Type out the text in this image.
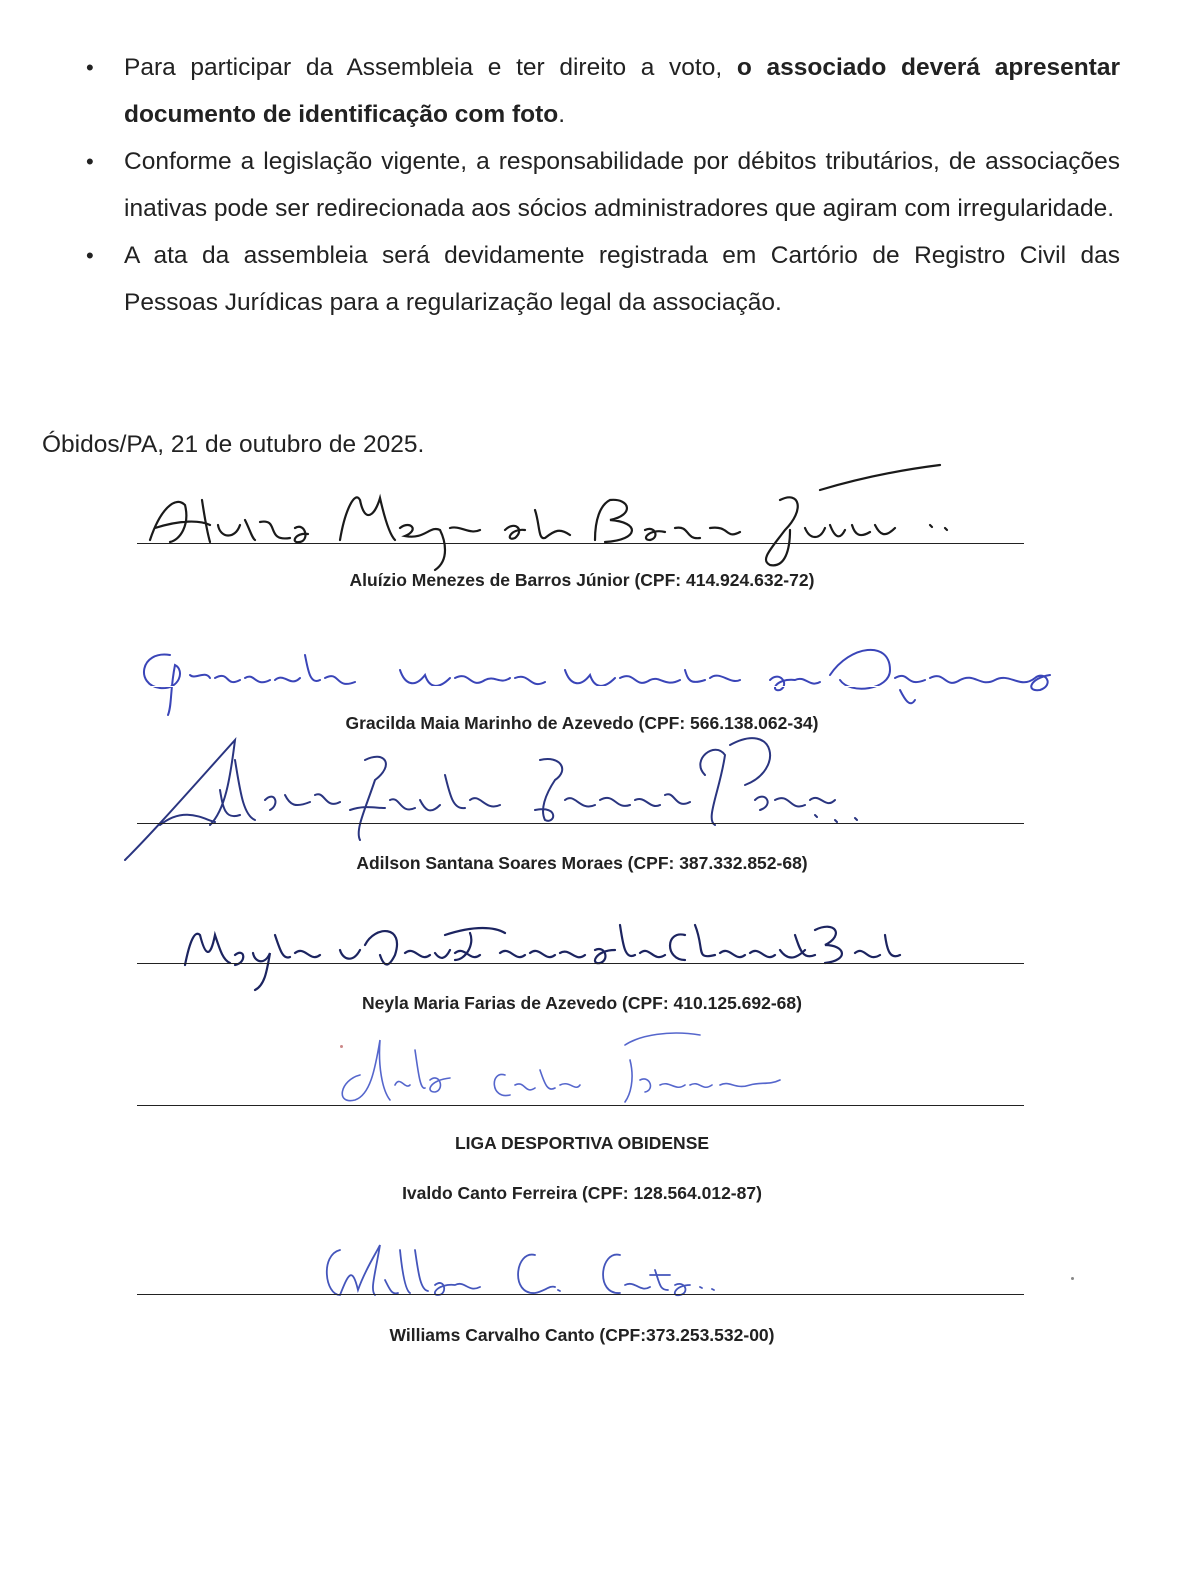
• Para participar da Assembleia e ter direito a voto, o associado deverá apresentar documento de identificação com foto.
• Conforme a legislação vigente, a responsabilidade por débitos tributários, de associações inativas pode ser redirecionada aos sócios administradores que agiram com irregularidade.
• A ata da assembleia será devidamente registrada em Cartório de Registro Civil das Pessoas Jurídicas para a regularização legal da associação.
Óbidos/PA, 21 de outubro de 2025.
Aluízio Menezes de Barros Júnior (CPF: 414.924.632-72)
Gracilda Maia Marinho de Azevedo (CPF: 566.138.062-34)
Adilson Santana Soares Moraes (CPF: 387.332.852-68)
Neyla Maria Farias de Azevedo (CPF: 410.125.692-68)
LIGA DESPORTIVA OBIDENSE
Ivaldo Canto Ferreira (CPF: 128.564.012-87)
Williams Carvalho Canto (CPF:373.253.532-00)
